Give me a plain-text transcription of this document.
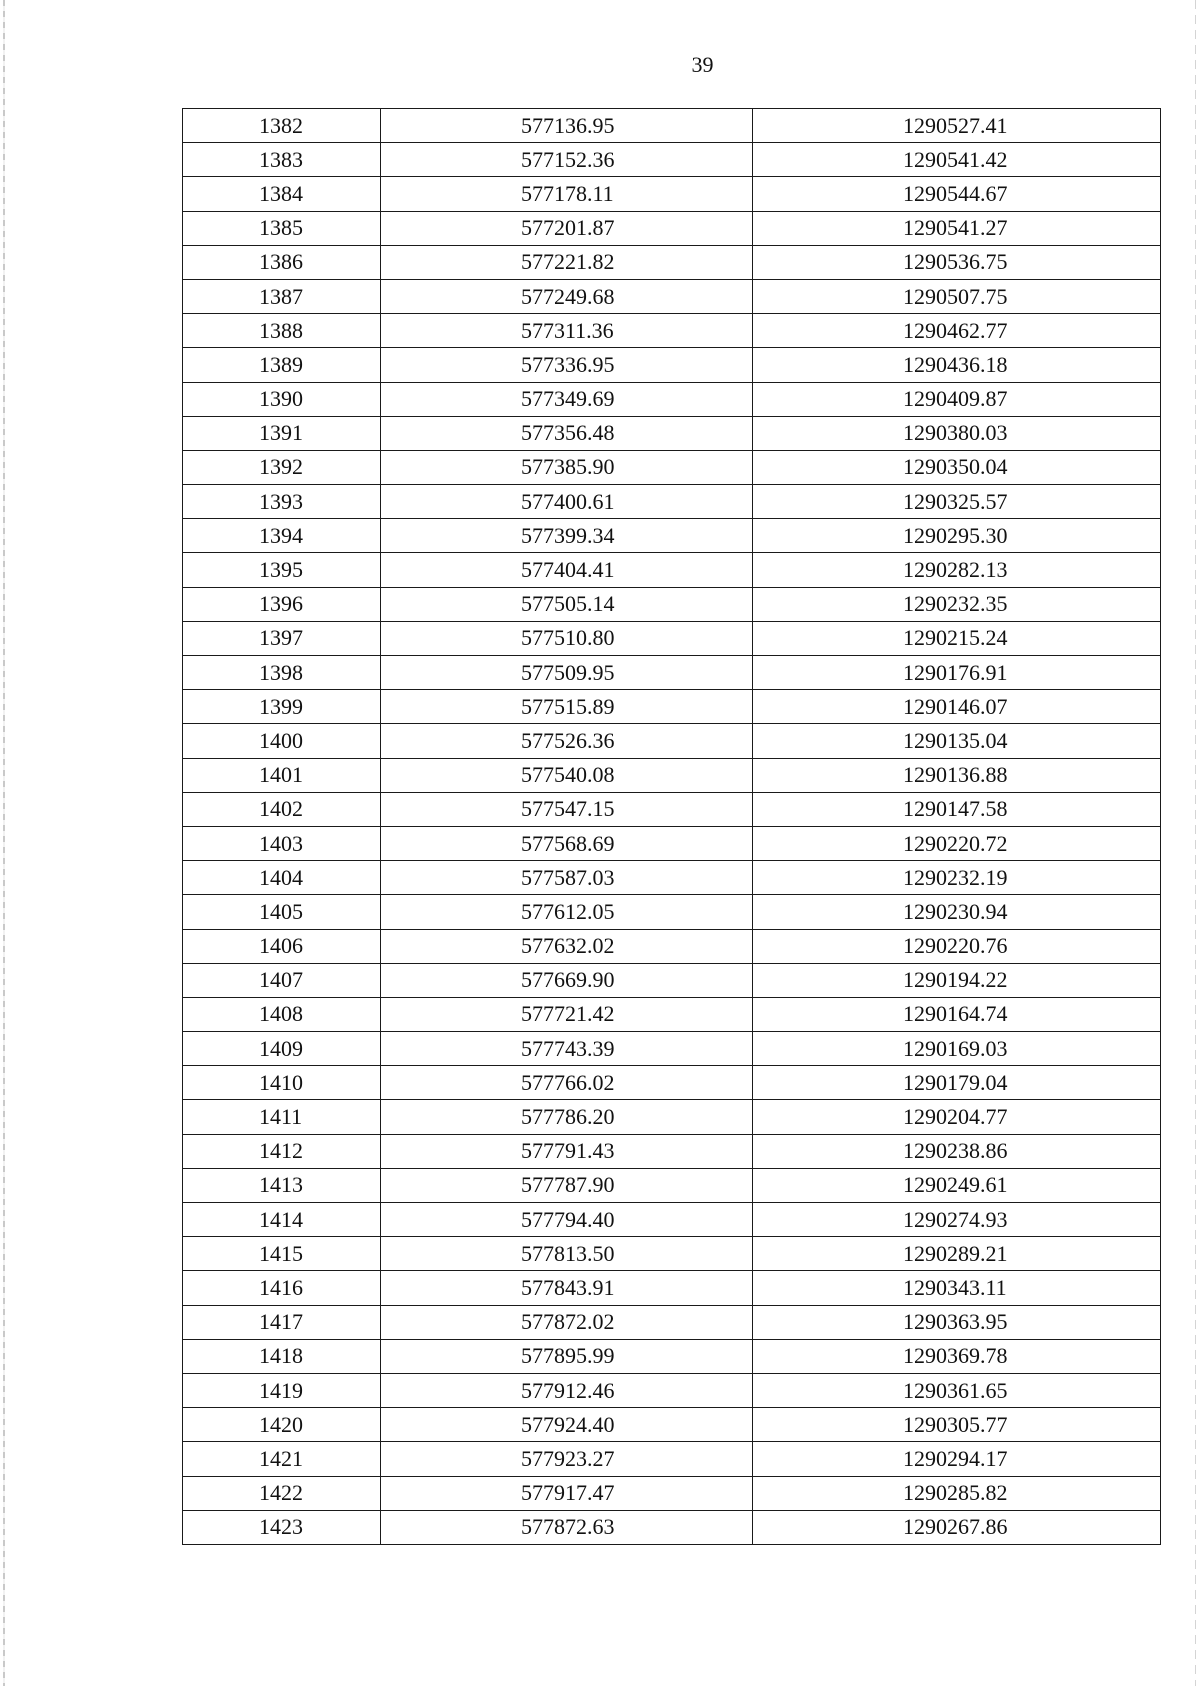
39
1382	577136.95	1290527.41
1383	577152.36	1290541.42
1384	577178.11	1290544.67
1385	577201.87	1290541.27
1386	577221.82	1290536.75
1387	577249.68	1290507.75
1388	577311.36	1290462.77
1389	577336.95	1290436.18
1390	577349.69	1290409.87
1391	577356.48	1290380.03
1392	577385.90	1290350.04
1393	577400.61	1290325.57
1394	577399.34	1290295.30
1395	577404.41	1290282.13
1396	577505.14	1290232.35
1397	577510.80	1290215.24
1398	577509.95	1290176.91
1399	577515.89	1290146.07
1400	577526.36	1290135.04
1401	577540.08	1290136.88
1402	577547.15	1290147.58
1403	577568.69	1290220.72
1404	577587.03	1290232.19
1405	577612.05	1290230.94
1406	577632.02	1290220.76
1407	577669.90	1290194.22
1408	577721.42	1290164.74
1409	577743.39	1290169.03
1410	577766.02	1290179.04
1411	577786.20	1290204.77
1412	577791.43	1290238.86
1413	577787.90	1290249.61
1414	577794.40	1290274.93
1415	577813.50	1290289.21
1416	577843.91	1290343.11
1417	577872.02	1290363.95
1418	577895.99	1290369.78
1419	577912.46	1290361.65
1420	577924.40	1290305.77
1421	577923.27	1290294.17
1422	577917.47	1290285.82
1423	577872.63	1290267.86
